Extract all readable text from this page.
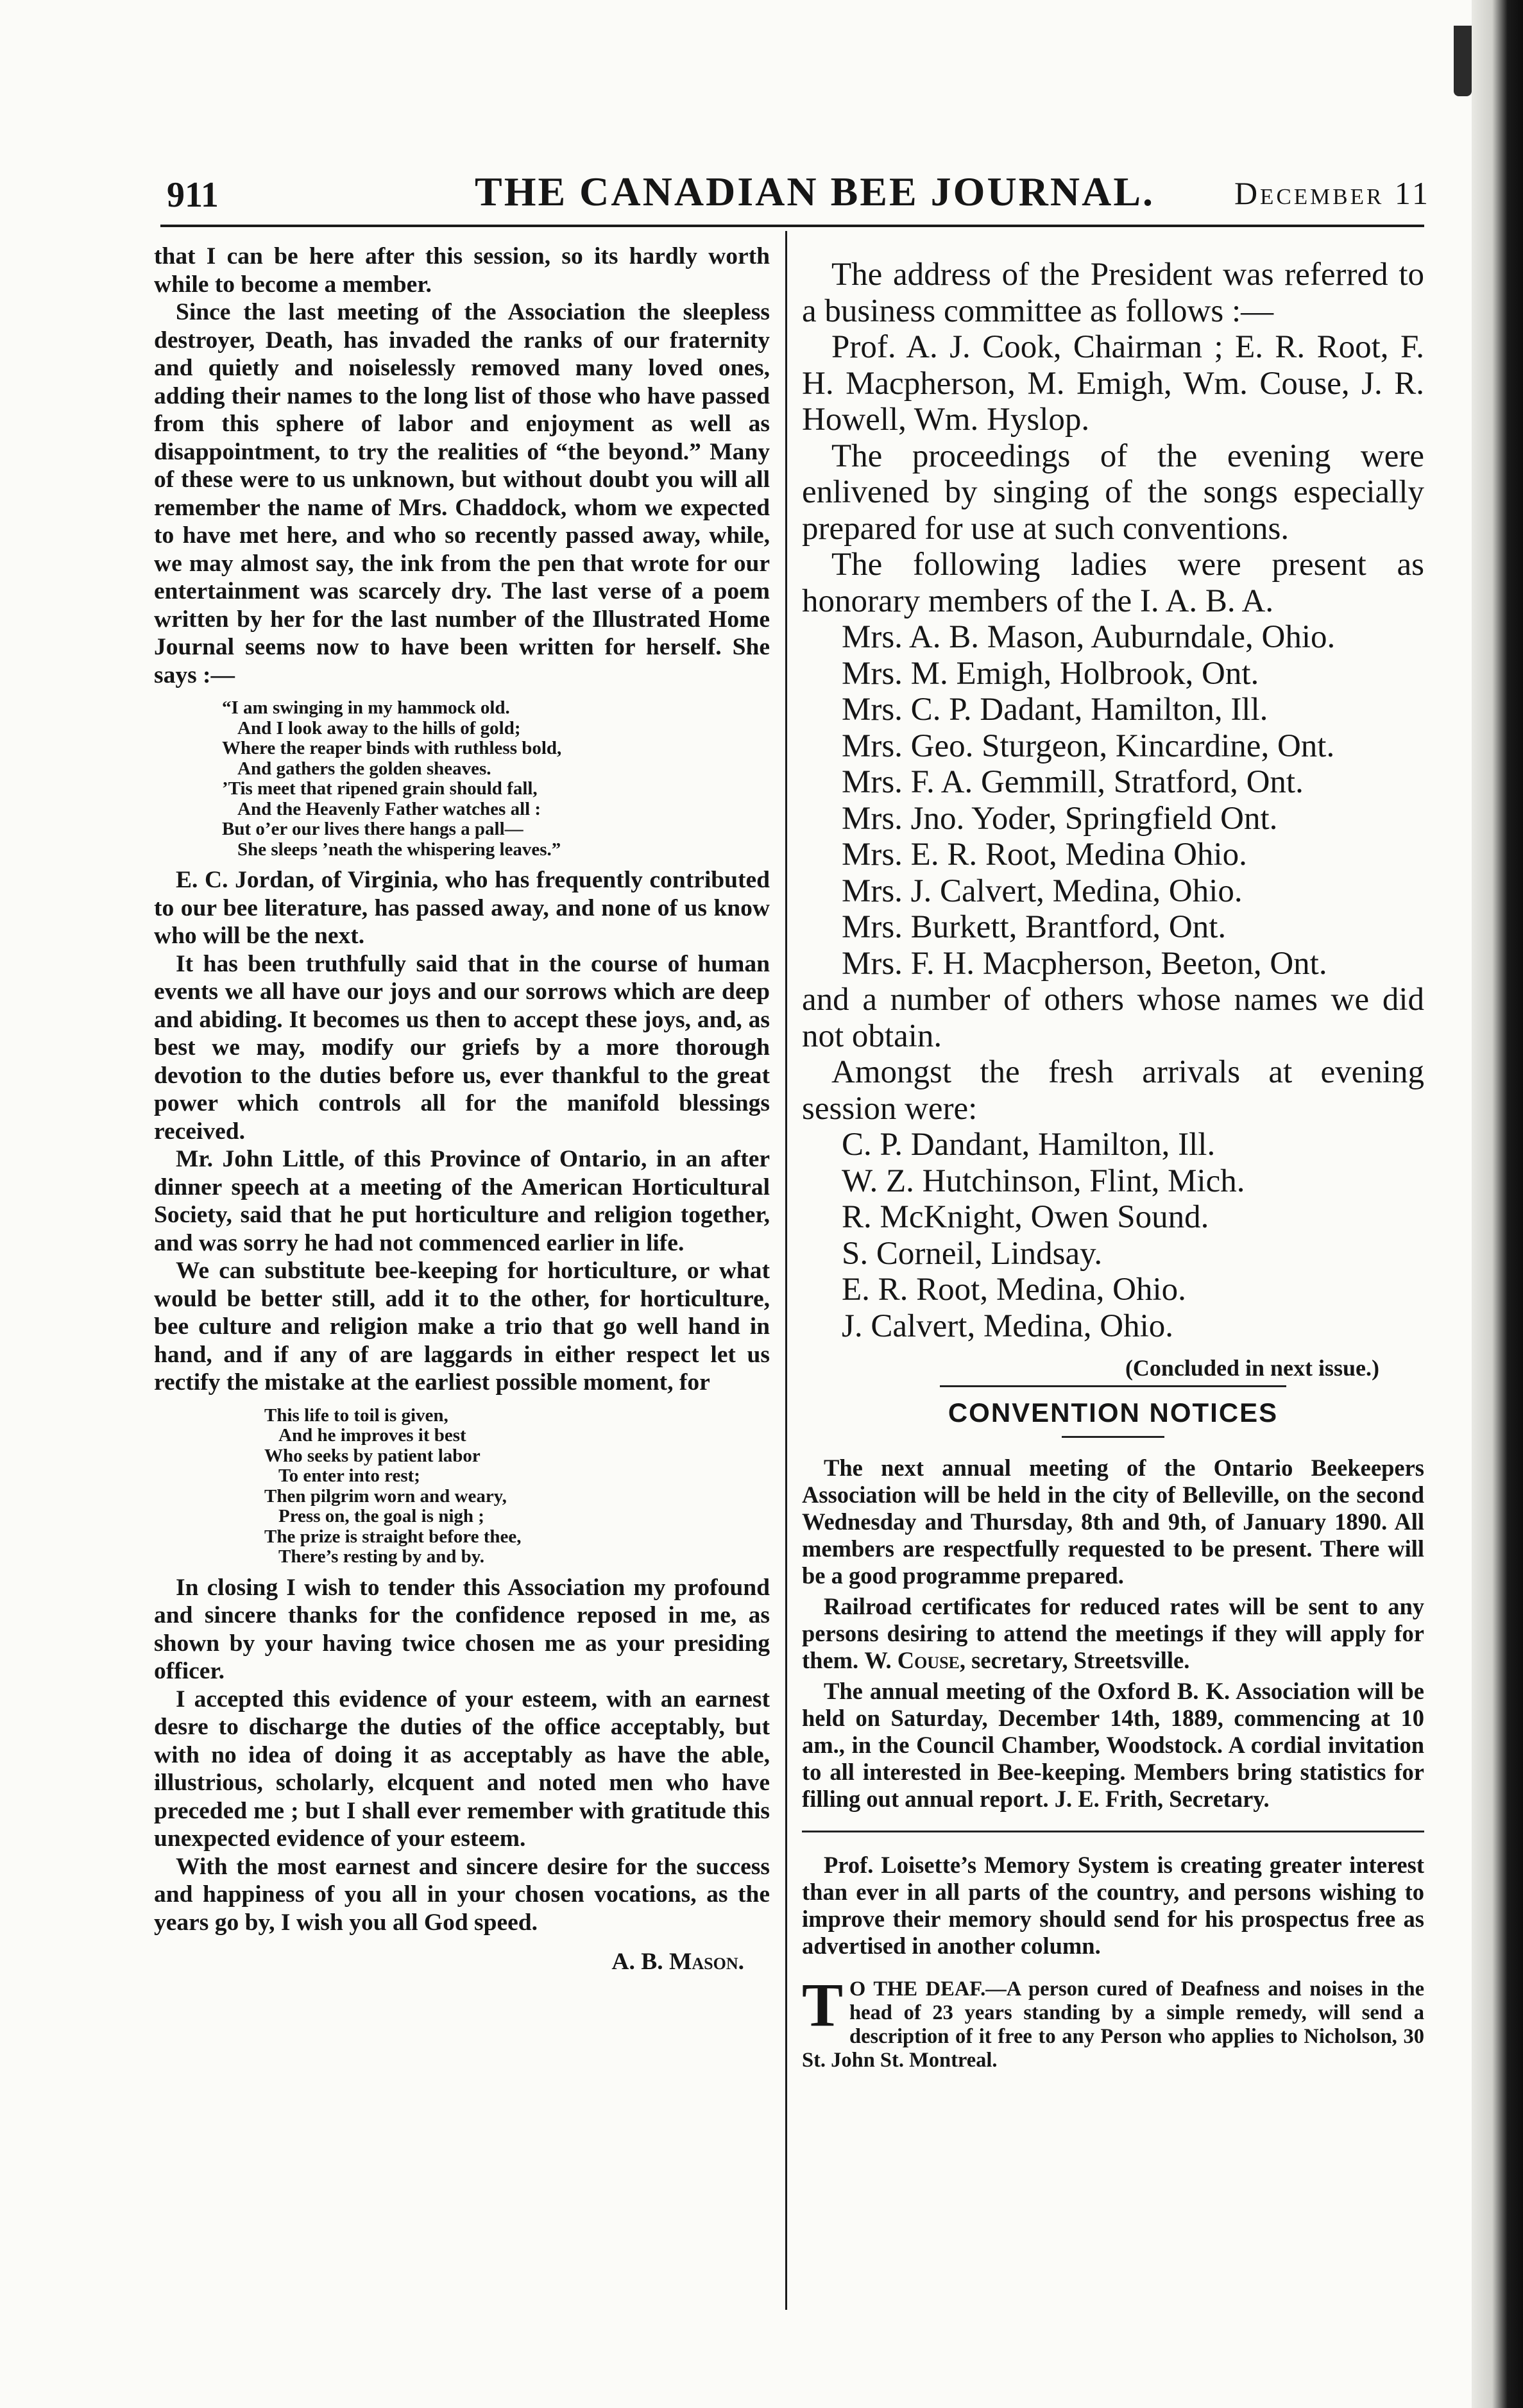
911	THE CANADIAN BEE JOURNAL. December 11

that I can be here after this session, so its hardly worth while to become a member.

Since the last meeting of the Association the sleepless destroyer, Death, has invaded the ranks of our fraternity and quietly and noiselessly removed many loved ones, adding their names to the long list of those who have passed from this sphere of labor and enjoyment as well as disappointment, to try the realities of “the beyond.” Many of these were to us unknown, but without doubt you will all remember the name of Mrs. Chaddock, whom we expected to have met here, and who so recently passed away, while, we may almost say, the ink from the pen that wrote for our entertainment was scarcely dry. The last verse of a poem written by her for the last number of the Illustrated Home Journal seems now to have been written for herself. She says :—

“I am swinging in my hammock old.
And I look away to the hills of gold;
Where the reaper binds with ruthless bold,
And gathers the golden sheaves.
’Tis meet that ripened grain should fall,
And the Heavenly Father watches all :
But o’er our lives there hangs a pall—
She sleeps ’neath the whispering leaves.”

E. C. Jordan, of Virginia, who has frequently contributed to our bee literature, has passed away, and none of us know who will be the next.

It has been truthfully said that in the course of human events we all have our joys and our sorrows which are deep and abiding. It becomes us then to accept these joys, and, as best we may, modify our griefs by a more thorough devotion to the duties before us, ever thankful to the great power which controls all for the manifold blessings received.

Mr. John Little, of this Province of Ontario, in an after dinner speech at a meeting of the American Horticultural Society, said that he put horticulture and religion together, and was sorry he had not commenced earlier in life.

We can substitute bee-keeping for horticulture, or what would be better still, add it to the other, for horticulture, bee culture and religion make a trio that go well hand in hand, and if any of are laggards in either respect let us rectify the mistake at the earliest possible moment, for

This life to toil is given,
And he improves it best
Who seeks by patient labor
To enter into rest;
Then pilgrim worn and weary,
Press on, the goal is nigh ;
The prize is straight before thee,
There’s resting by and by.

In closing I wish to tender this Association my profound and sincere thanks for the confidence reposed in me, as shown by your having twice chosen me as your presiding officer.

I accepted this evidence of your esteem, with an earnest desre to discharge the duties of the office acceptably, but with no idea of doing it as acceptably as have the able, illustrious, scholarly, elcquent and noted men who have preceded me ; but I shall ever remember with gratitude this unexpected evidence of your esteem.

With the most earnest and sincere desire for the success and happiness of you all in your chosen vocations, as the years go by, I wish you all God speed.

A. B. Mason.

The address of the President was referred to a business committee as follows :—

Prof. A. J. Cook, Chairman ; E. R. Root, F. H. Macpherson, M. Emigh, Wm. Couse, J. R. Howell, Wm. Hyslop.

The proceedings of the evening were enlivened by singing of the songs especially prepared for use at such conventions.

The following ladies were present as honorary members of the I. A. B. A.

Mrs. A. B. Mason, Auburndale, Ohio.
Mrs. M. Emigh, Holbrook, Ont.
Mrs. C. P. Dadant, Hamilton, Ill.
Mrs. Geo. Sturgeon, Kincardine, Ont.
Mrs. F. A. Gemmill, Stratford, Ont.
Mrs. Jno. Yoder, Springfield Ont.
Mrs. E. R. Root, Medina Ohio.
Mrs. J. Calvert, Medina, Ohio.
Mrs. Burkett, Brantford, Ont.
Mrs. F. H. Macpherson, Beeton, Ont.

and a number of others whose names we did not obtain.

Amongst the fresh arrivals at evening session were:

C. P. Dandant, Hamilton, Ill.
W. Z. Hutchinson, Flint, Mich.
R. McKnight, Owen Sound.
S. Corneil, Lindsay.
E. R. Root, Medina, Ohio.
J. Calvert, Medina, Ohio.
(Concluded in next issue.)
CONVENTION NOTICES

The next annual meeting of the Ontario Beekeepers Association will be held in the city of Belleville, on the second Wednesday and Thursday, 8th and 9th, of January 1890. All members are respectfully requested to be present. There will be a good programme prepared.

Railroad certificates for reduced rates will be sent to any persons desiring to attend the meetings if they will apply for them. W. Couse, secretary, Streetsville.

The annual meeting of the Oxford B. K. Association will be held on Saturday, December 14th, 1889, commencing at 10 am., in the Council Chamber, Woodstock. A cordial invitation to all interested in Bee-keeping. Members bring statistics for filling out annual report. J. E. Frith, Secretary.

Prof. Loisette’s Memory System is creating greater interest than ever in all parts of the country, and persons wishing to improve their memory should send for his prospectus free as advertised in another column.

T O THE DEAF.—A person cured of Deafness and noises in the head of 23 years standing by a simple remedy, will send a description of it free to any Person who applies to Nicholson, 30 St. John St. Montreal.
